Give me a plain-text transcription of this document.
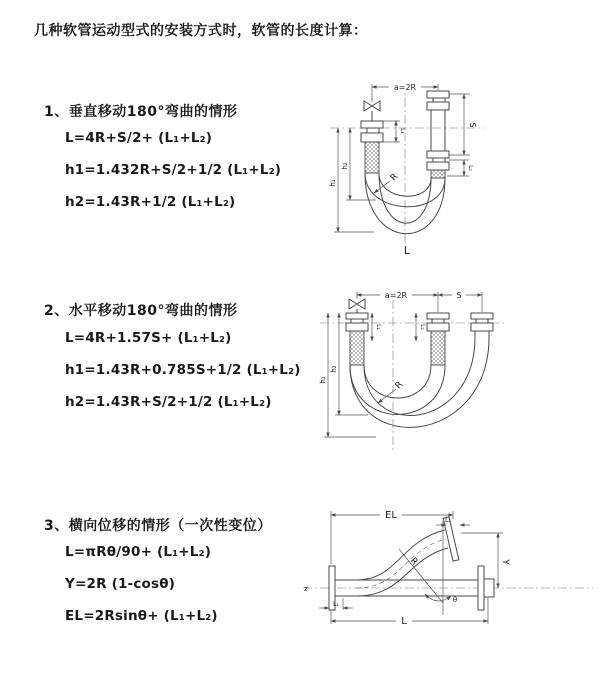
几种软管运动型式的安装方式时，软管的长度计算：
1、垂直移动180°弯曲的情形
L=4R+S/2+ (L₁+L₂)
h1=1.432R+S/2+1/2 (L₁+L₂)
h2=1.43R+1/2 (L₁+L₂)
2、水平移动180°弯曲的情形
L=4R+1.57S+ (L₁+L₂)
h1=1.43R+0.785S+1/2 (L₁+L₂)
h2=1.43R+S/2+1/2 (L₁+L₂)
3、横向位移的情形（一次性变位）
L=πRθ/90+ (L₁+L₂)
Y=2R (1-cosθ)
EL=2Rsinθ+ (L₁+L₂)
a=2R
S
L₂
L₁
h₁
h₂
R
L
a=2R	S
h₁
h₂
L₁	L₂
R
z
EL	L₂
Y
L
L₁
R
θ
